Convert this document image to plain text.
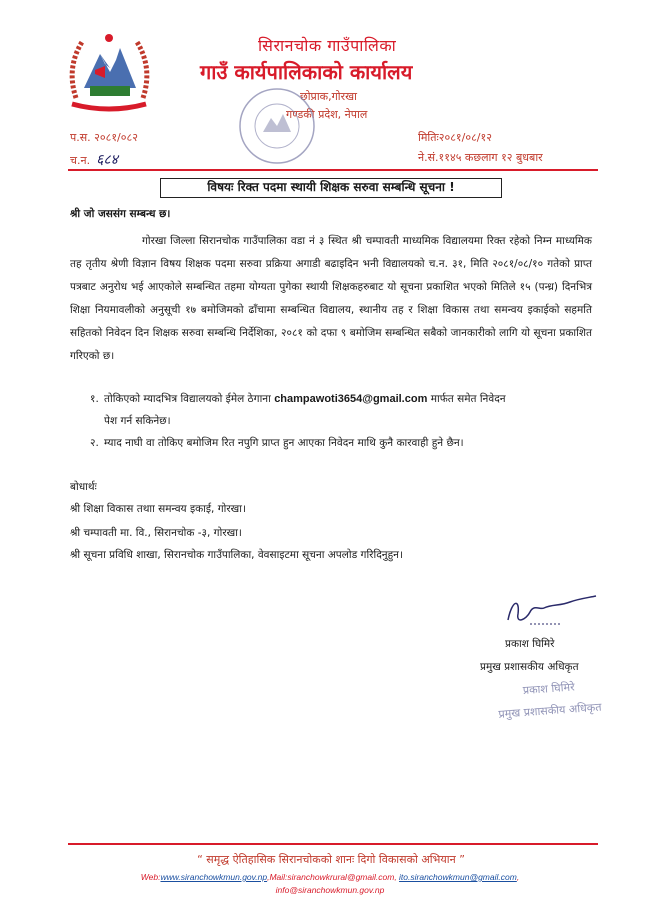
सिरानचोक गाउँपालिका
गाउँ कार्यपालिकाको कार्यालय
छोप्राक,गोरखा
गण्डकी प्रदेश, नेपाल
प.स. २०८१/०८२
च.न. ६८४
मितिः२०८१/०८/१२
ने.सं.११४५ कछलाग १२ बुधबार
विषयः रिक्त पदमा स्थायी शिक्षक सरुवा सम्बन्धि सूचना !
श्री जो जससंग सम्बन्ध छ।
गोरखा जिल्ला सिरानचोक गाउँपालिका वडा नं ३ स्थित श्री चम्पावती माध्यमिक विद्यालयमा रिक्त रहेको निम्न माध्यमिक तह तृतीय श्रेणी विज्ञान विषय शिक्षक पदमा सरुवा प्रक्रिया अगाडी बढाइदिन भनी विद्यालयको च.न. ३१, मिति २०८१/०८/१० गतेको प्राप्त पत्रबाट अनुरोध भई आएकोले सम्बन्धित तहमा योग्यता पुगेका स्थायी शिक्षकहरुबाट यो सूचना प्रकाशित भएको मितिले १५ (पन्ध्र) दिनभित्र शिक्षा नियमावलीको अनुसूची १७ बमोजिमको ढाँचामा सम्बन्धित विद्यालय, स्थानीय तह र शिक्षा विकास तथा समन्वय इकाईको सहमति सहितको निवेदन दिन शिक्षक सरुवा सम्बन्धि निर्देशिका, २०८१ को दफा ९ बमोजिम सम्बन्धित सबैको जानकारीको लागि यो सूचना प्रकाशित गरिएको छ।
१. तोकिएको म्यादभित्र विद्यालयको ईमेल ठेगाना champawoti3654@gmail.com मार्फत समेत निवेदन
पेश गर्न सकिनेछ।
२. म्याद नाघी वा तोकिए बमोजिम रित नपुगि प्राप्त हुन आएका निवेदन माथि कुनै कारवाही हुने छैन।
बोधार्थः
श्री शिक्षा विकास तथाा समन्वय इकाई, गोरखा।
श्री चम्पावती मा. वि., सिरानचोक -३, गोरखा।
श्री सूचना प्रविधि शाखा, सिरानचोक गाउँपालिका, वेवसाइटमा सूचना अपलोड गरिदिनुहुन।
प्रकाश घिमिरे
प्रमुख प्रशासकीय अधिकृत
प्रकाश घिमिरे
प्रमुख प्रशासकीय अधिकृत
“ समृद्ध ऐतिहासिक सिरानचोकको शानः दिगो विकासको अभियान ”
Web:www.siranchowkmun.gov.np,Mail:siranchowkrural@gmail.com, ito.siranchowkmun@gmail.com,
info@siranchowkmun.gov.np
